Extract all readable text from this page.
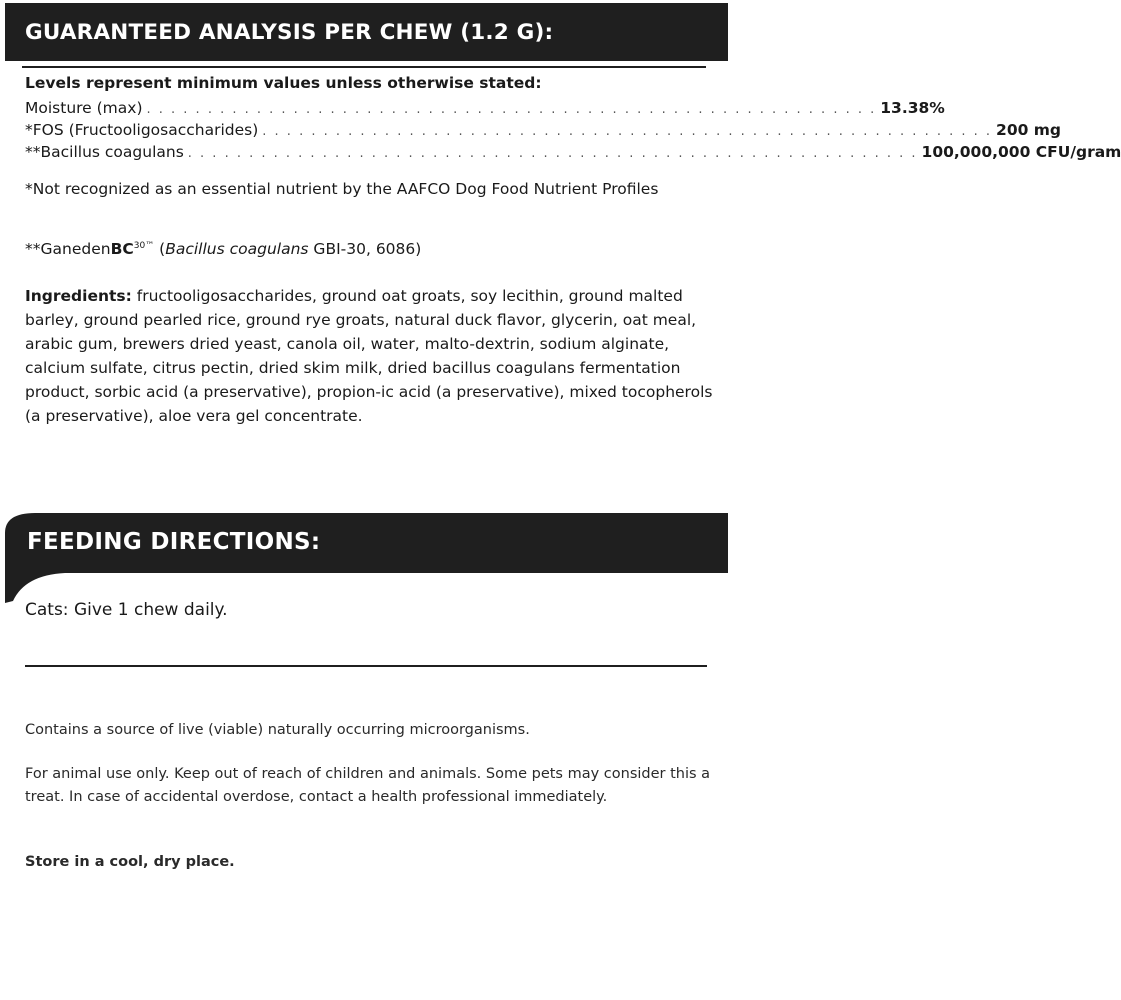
GUARANTEED ANALYSIS PER CHEW (1.2 G):
Levels represent minimum values unless otherwise stated:
Moisture (max) . . . . . . . . . . . . . . . . . . . . . . . . . . . . . . . . . . . . . . . . . . . . . . . . . . . . . . . . . . . . 13.38%
*FOS (Fructooligosaccharides) . . . . . . . . . . . . . . . . . . . . . . . . . . . . . . . . . . . . . . . . . . . . . . . . . . . . . . . . . . . . 200 mg
**Bacillus coagulans . . . . . . . . . . . . . . . . . . . . . . . . . . . . . . . . . . . . . . . . . . . . . . . . . . . . . . . . . . . . 100,000,000 CFU/gram

*Not recognized as an essential nutrient by the AAFCO Dog Food Nutrient Profiles

**GanedenBC$^{30™}$ (Bacillus coagulans GBI-30, 6086)

Ingredients: fructooligosaccharides, ground oat groats, soy lecithin, ground malted barley, ground pearled rice, ground rye groats, natural duck flavor, glycerin, oat meal, arabic gum, brewers dried yeast, canola oil, water, malto-dextrin, sodium alginate, calcium sulfate, citrus pectin, dried skim milk, dried bacillus coagulans fermentation product, sorbic acid (a preservative), propion-ic acid (a preservative), mixed tocopherols (a preservative), aloe vera gel concentrate.

FEEDING DIRECTIONS:

Cats: Give 1 chew daily.

Contains a source of live (viable) naturally occurring microorganisms.

For animal use only. Keep out of reach of children and animals. Some pets may consider this a treat. In case of accidental overdose, contact a health professional immediately.

Store in a cool, dry place.
